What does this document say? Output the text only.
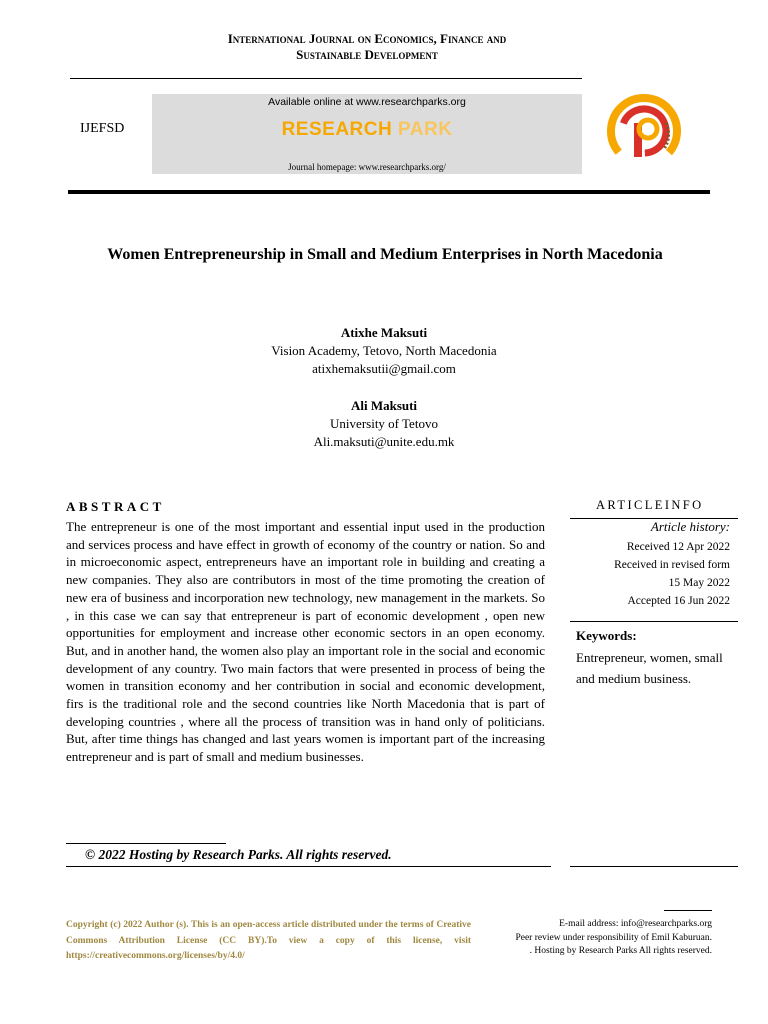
International Journal on Economics, Finance and
Sustainable Development
IJEFSD
Available online at www.researchparks.org
RESEARCH PARK
Journal homepage: www.researchparks.org/
Women Entrepreneurship in Small and Medium Enterprises in North Macedonia
Atixhe Maksuti
Vision Academy, Tetovo, North Macedonia
atixhemaksutii@gmail.com
Ali Maksuti
University of Tetovo
Ali.maksuti@unite.edu.mk
ABSTRACT
The entrepreneur is one of the most important and essential input used in the production and services process and have effect in growth of economy of the country or nation. So and in microeconomic aspect, entrepreneurs have an important role in building and creating a new companies. They also are contributors in most of the time promoting the creation of new era of business and incorporation new technology, new management in the markets. So , in this case we can say that entrepreneur is part of economic development , open new opportunities for employment and increase other economic sectors in an open economy. But, and in another hand, the women also play an important role in the social and economic development of any country. Two main factors that were presented in process of being the women in transition economy and her contribution in social and economic development, firs is the traditional role and the second countries like North Macedonia that is part of developing countries , where all the process of transition was in hand only of politicians. But, after time things has changed and last years women is important part of the increasing entrepreneur and is part of small and medium businesses.
© 2022 Hosting by Research Parks. All rights reserved.
ARTICLEINFO
Article history:
Received 12 Apr 2022
Received in revised form
15 May 2022
Accepted 16 Jun 2022
Keywords:
Entrepreneur, women, small and medium business.
Copyright (c) 2022 Author (s). This is an open-access article distributed under the terms of Creative Commons Attribution License (CC BY).To view a copy of this license, visit https://creativecommons.org/licenses/by/4.0/
E-mail address: info@researchparks.org
Peer review under responsibility of Emil Kaburuan.
. Hosting by Research Parks All rights reserved.
